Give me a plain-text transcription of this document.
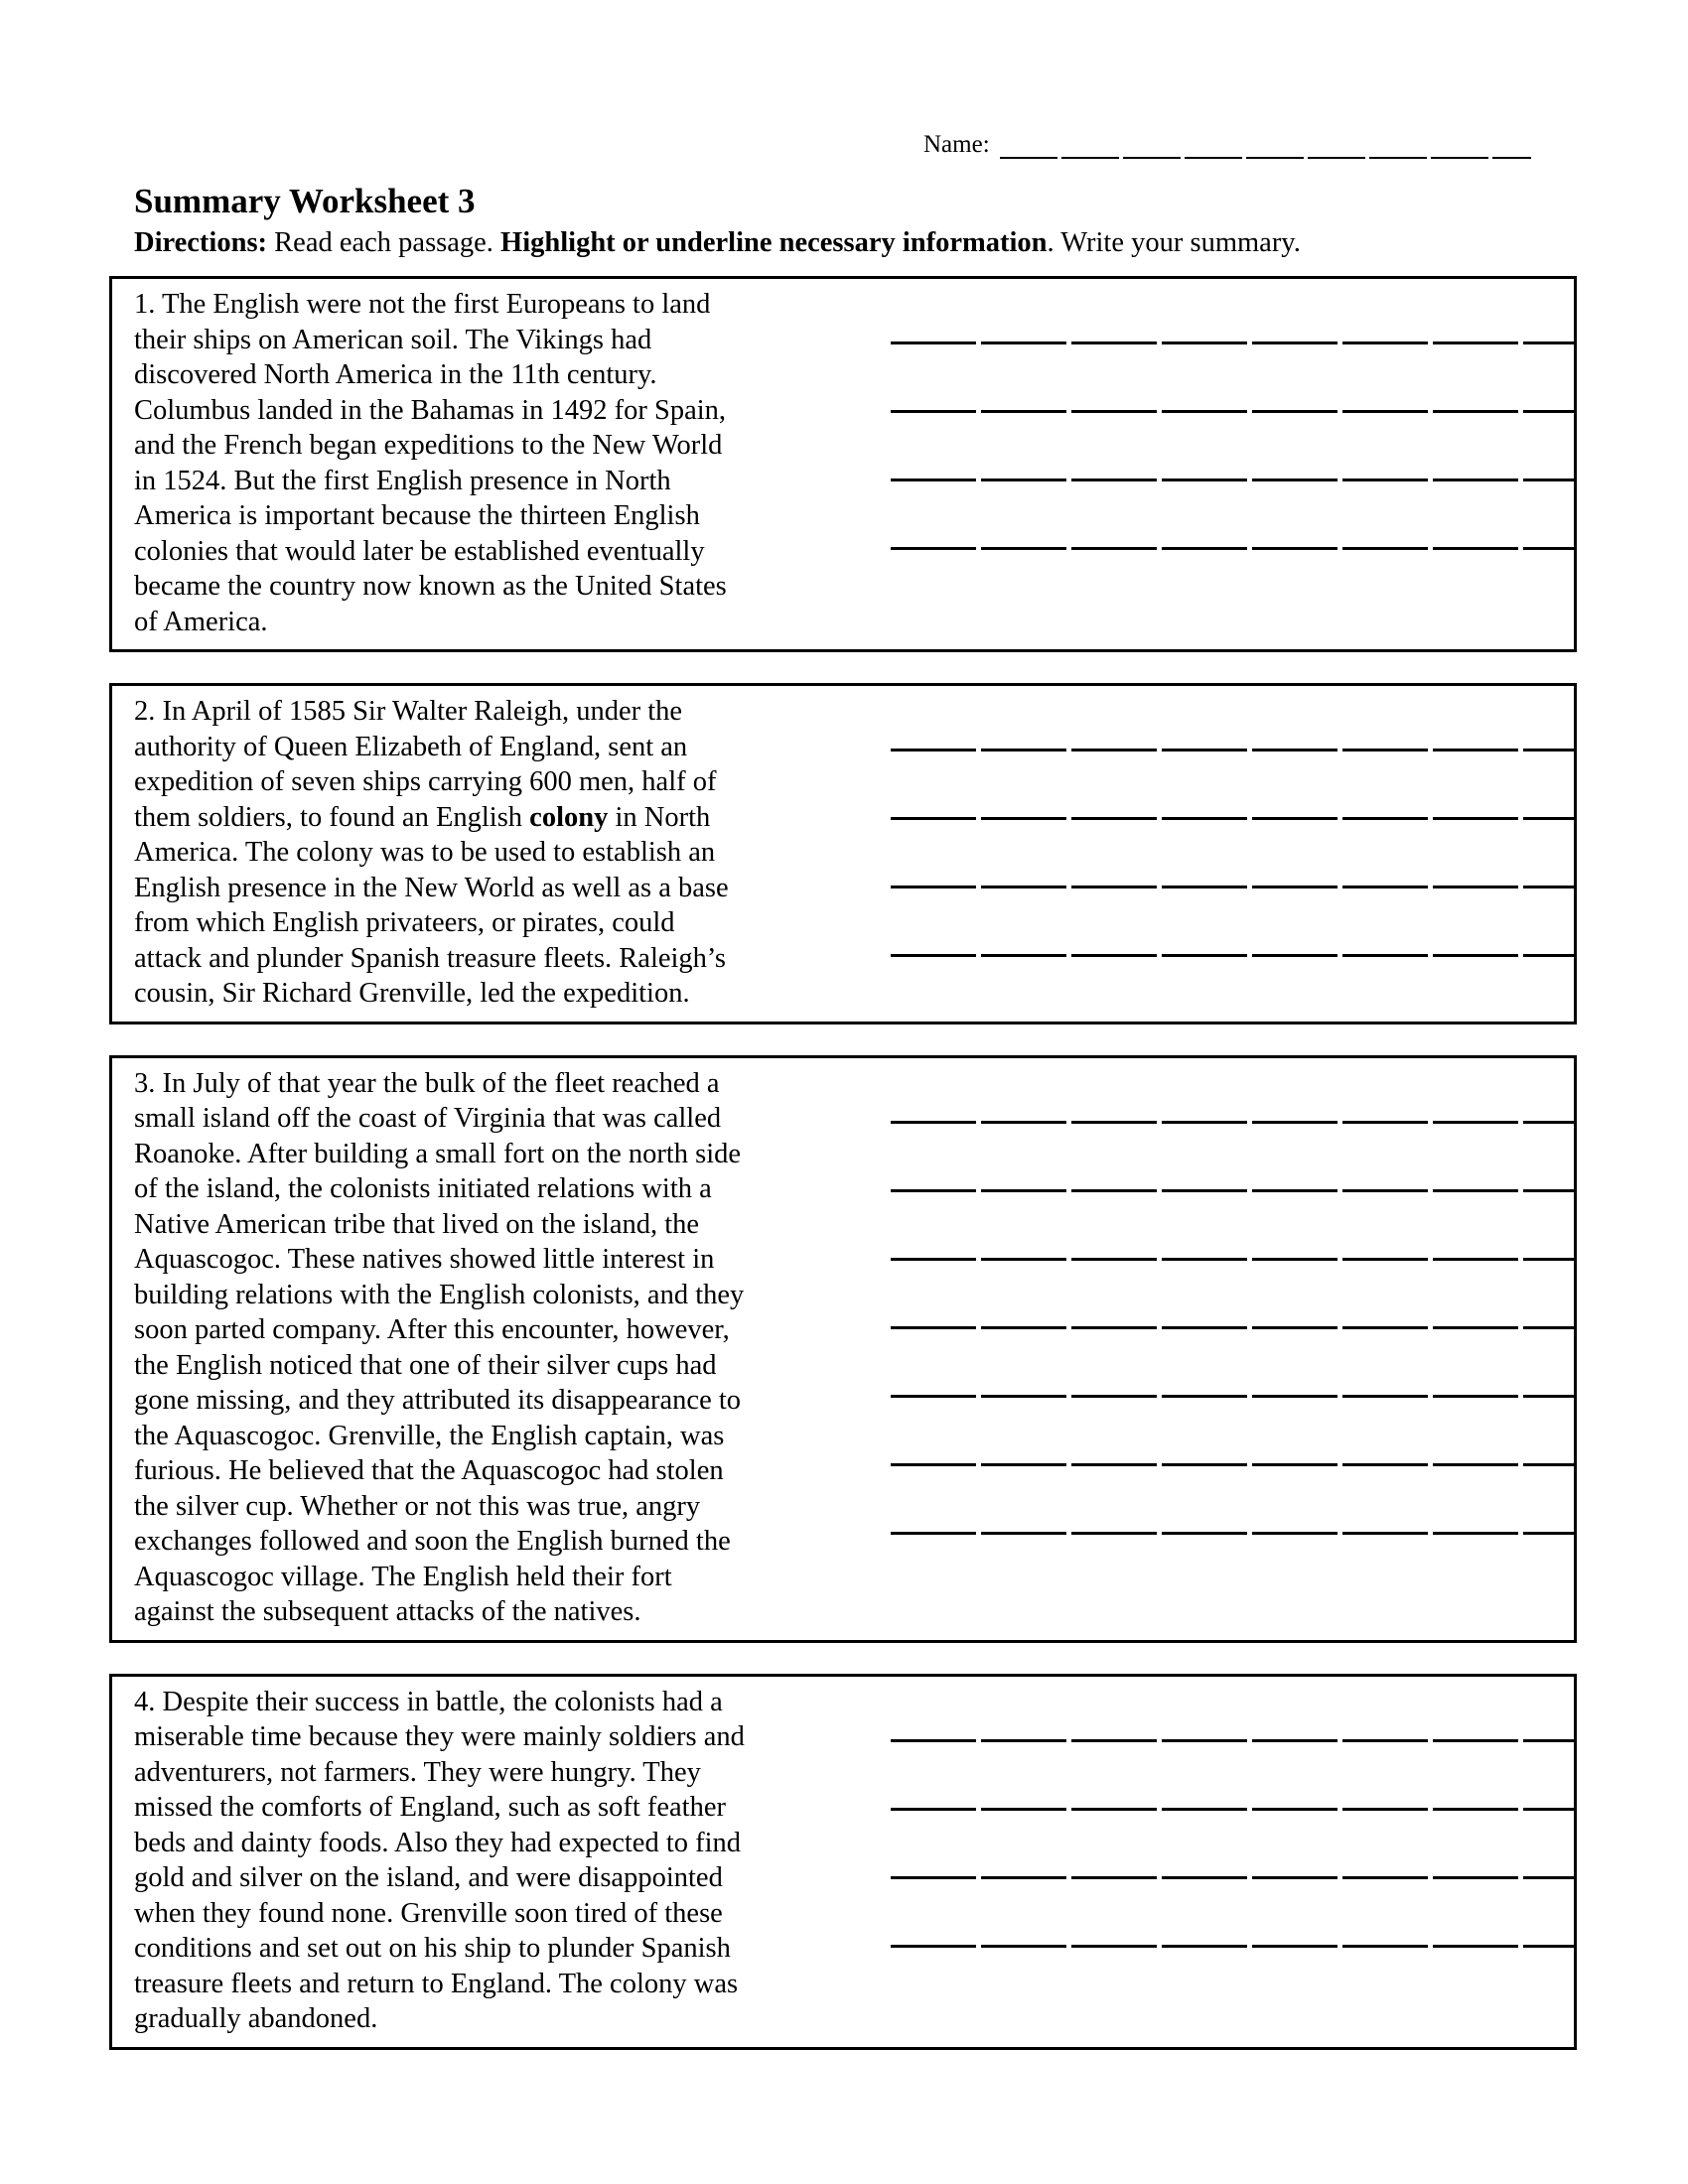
Name:
Summary Worksheet 3
Directions: Read each passage. Highlight or underline necessary information. Write your summary.
1. The English were not the first Europeans to land
their ships on American soil. The Vikings had
discovered North America in the 11th century.
Columbus landed in the Bahamas in 1492 for Spain,
and the French began expeditions to the New World
in 1524. But the first English presence in North
America is important because the thirteen English
colonies that would later be established eventually
became the country now known as the United States
of America.
2. In April of 1585 Sir Walter Raleigh, under the
authority of Queen Elizabeth of England, sent an
expedition of seven ships carrying 600 men, half of
them soldiers, to found an English colony in North
America. The colony was to be used to establish an
English presence in the New World as well as a base
from which English privateers, or pirates, could
attack and plunder Spanish treasure fleets. Raleigh’s
cousin, Sir Richard Grenville, led the expedition.
3. In July of that year the bulk of the fleet reached a
small island off the coast of Virginia that was called
Roanoke. After building a small fort on the north side
of the island, the colonists initiated relations with a
Native American tribe that lived on the island, the
Aquascogoc. These natives showed little interest in
building relations with the English colonists, and they
soon parted company. After this encounter, however,
the English noticed that one of their silver cups had
gone missing, and they attributed its disappearance to
the Aquascogoc. Grenville, the English captain, was
furious. He believed that the Aquascogoc had stolen
the silver cup. Whether or not this was true, angry
exchanges followed and soon the English burned the
Aquascogoc village. The English held their fort
against the subsequent attacks of the natives.
4. Despite their success in battle, the colonists had a
miserable time because they were mainly soldiers and
adventurers, not farmers. They were hungry. They
missed the comforts of England, such as soft feather
beds and dainty foods. Also they had expected to find
gold and silver on the island, and were disappointed
when they found none. Grenville soon tired of these
conditions and set out on his ship to plunder Spanish
treasure fleets and return to England. The colony was
gradually abandoned.
